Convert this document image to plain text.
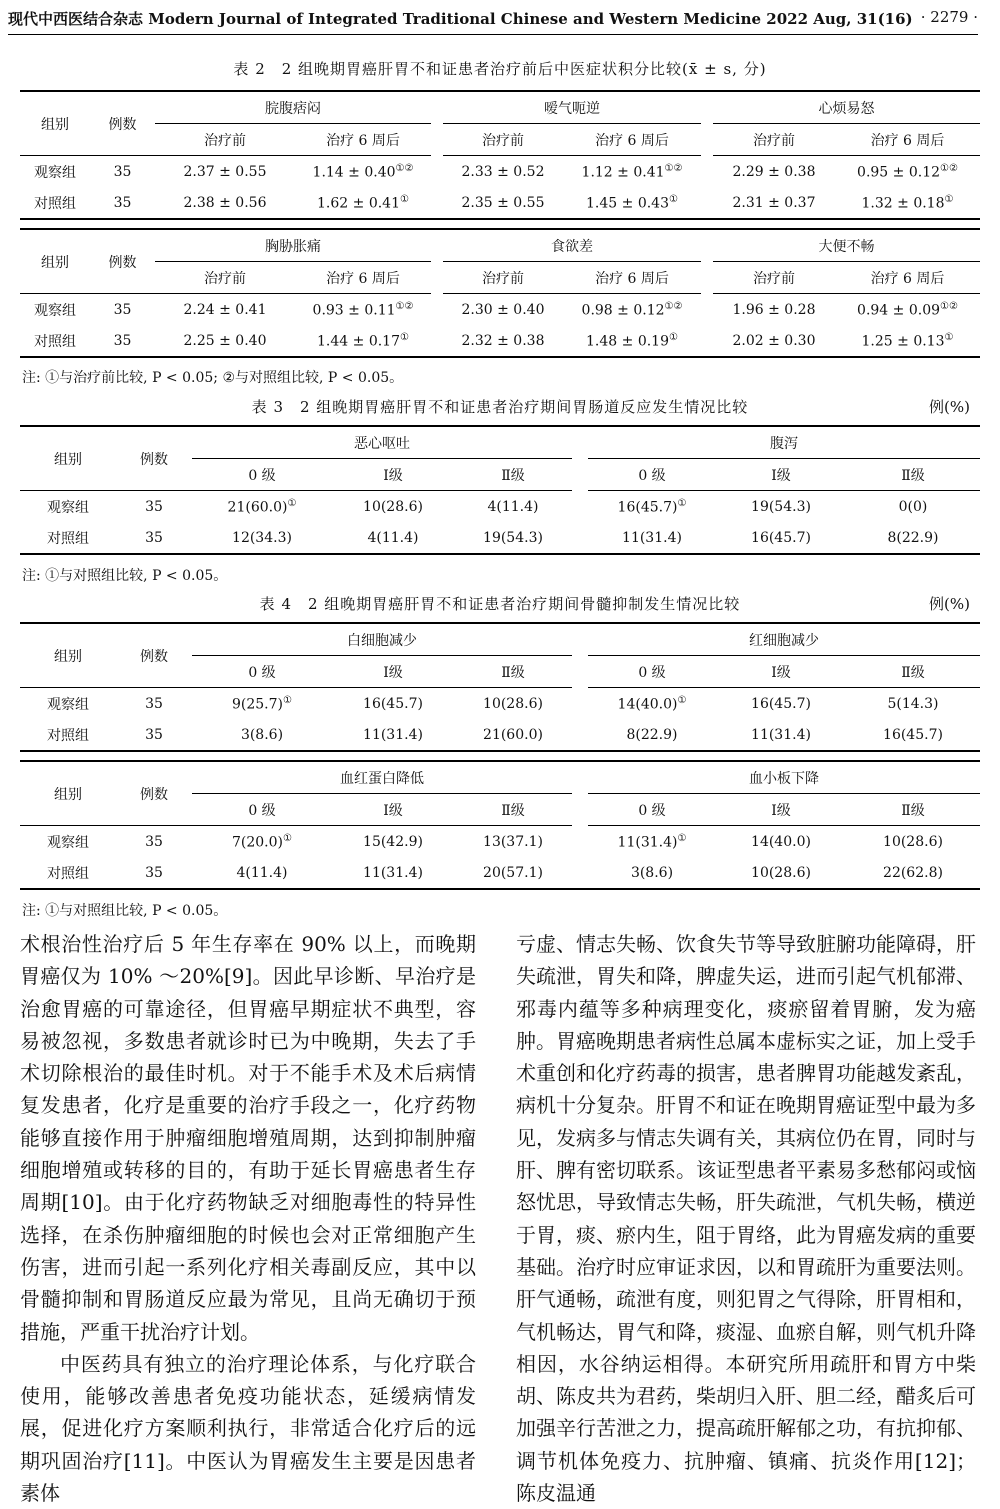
现代中西医结合杂志 Modern Journal of Integrated Traditional Chinese and Western Medicine 2022 Aug, 31(16) · 2279 ·
表 2　2 组晚期胃癌肝胃不和证患者治疗前后中医症状积分比较(x̄ ± s, 分)
组别	例数	脘腹痞闷			嗳气呃逆			心烦易怒	
		治疗前	治疗 6 周后		治疗前	治疗 6 周后		治疗前	治疗 6 周后
观察组	35	2.37 ± 0.55	1.14 ± 0.40①②		2.33 ± 0.52	1.12 ± 0.41①②		2.29 ± 0.38	0.95 ± 0.12①②
对照组	35	2.38 ± 0.56	1.62 ± 0.41①		2.35 ± 0.55	1.45 ± 0.43①		2.31 ± 0.37	1.32 ± 0.18①
组别	例数	胸胁胀痛			食欲差			大便不畅	
		治疗前	治疗 6 周后		治疗前	治疗 6 周后		治疗前	治疗 6 周后
观察组	35	2.24 ± 0.41	0.93 ± 0.11①②		2.30 ± 0.40	0.98 ± 0.12①②		1.96 ± 0.28	0.94 ± 0.09①②
对照组	35	2.25 ± 0.40	1.44 ± 0.17①		2.32 ± 0.38	1.48 ± 0.19①		2.02 ± 0.30	1.25 ± 0.13①
注: ①与治疗前比较, P < 0.05; ②与对照组比较, P < 0.05。
表 3　2 组晚期胃癌肝胃不和证患者治疗期间胃肠道反应发生情况比较	例(%)
组别	例数	恶心呕吐				腹泻		
		0 级	Ⅰ级	Ⅱ级		0 级	Ⅰ级	Ⅱ级
观察组	35	21(60.0)①	10(28.6)	4(11.4)		16(45.7)①	19(54.3)	0(0)
对照组	35	12(34.3)	4(11.4)	19(54.3)		11(31.4)	16(45.7)	8(22.9)
注: ①与对照组比较, P < 0.05。
表 4　2 组晚期胃癌肝胃不和证患者治疗期间骨髓抑制发生情况比较	例(%)
组别	例数	白细胞减少				红细胞减少		
		0 级	Ⅰ级	Ⅱ级		0 级	Ⅰ级	Ⅱ级
观察组	35	9(25.7)①	16(45.7)	10(28.6)		14(40.0)①	16(45.7)	5(14.3)
对照组	35	3(8.6)	11(31.4)	21(60.0)		8(22.9)	11(31.4)	16(45.7)
组别	例数	血红蛋白降低				血小板下降		
		0 级	Ⅰ级	Ⅱ级		0 级	Ⅰ级	Ⅱ级
观察组	35	7(20.0)①	15(42.9)	13(37.1)		11(31.4)①	14(40.0)	10(28.6)
对照组	35	4(11.4)	11(31.4)	20(57.1)		3(8.6)	10(28.6)	22(62.8)
注: ①与对照组比较, P < 0.05。

术根治性治疗后 5 年生存率在 90% 以上，而晚期胃癌仅为 10% ～20%[9]。因此早诊断、早治疗是治愈胃癌的可靠途径，但胃癌早期症状不典型，容易被忽视，多数患者就诊时已为中晚期，失去了手术切除根治的最佳时机。对于不能手术及术后病情复发患者，化疗是重要的治疗手段之一，化疗药物能够直接作用于肿瘤细胞增殖周期，达到抑制肿瘤细胞增殖或转移的目的，有助于延长胃癌患者生存周期[10]。由于化疗药物缺乏对细胞毒性的特异性选择，在杀伤肿瘤细胞的时候也会对正常细胞产生伤害，进而引起一系列化疗相关毒副反应，其中以骨髓抑制和胃肠道反应最为常见，且尚无确切于预措施，严重干扰治疗计划。

中医药具有独立的治疗理论体系，与化疗联合使用，能够改善患者免疫功能状态，延缓病情发展，促进化疗方案顺利执行，非常适合化疗后的远期巩固治疗[11]。中医认为胃癌发生主要是因患者素体

亏虚、情志失畅、饮食失节等导致脏腑功能障碍，肝失疏泄，胃失和降，脾虚失运，进而引起气机郁滞、邪毒内蕴等多种病理变化，痰瘀留着胃腑，发为癌肿。胃癌晚期患者病性总属本虚标实之证，加上受手术重创和化疗药毒的损害，患者脾胃功能越发紊乱，病机十分复杂。肝胃不和证在晚期胃癌证型中最为多见，发病多与情志失调有关，其病位仍在胃，同时与肝、脾有密切联系。该证型患者平素易多愁郁闷或恼怒忧思，导致情志失畅，肝失疏泄，气机失畅，横逆于胃，痰、瘀内生，阻于胃络，此为胃癌发病的重要基础。治疗时应审证求因，以和胃疏肝为重要法则。肝气通畅，疏泄有度，则犯胃之气得除，肝胃相和，气机畅达，胃气和降，痰湿、血瘀自解，则气机升降相因，水谷纳运相得。本研究所用疏肝和胃方中柴胡、陈皮共为君药，柴胡归入肝、胆二经，醋炙后可加强辛行苦泄之力，提高疏肝解郁之功，有抗抑郁、调节机体免疫力、抗肿瘤、镇痛、抗炎作用[12]；陈皮温通
